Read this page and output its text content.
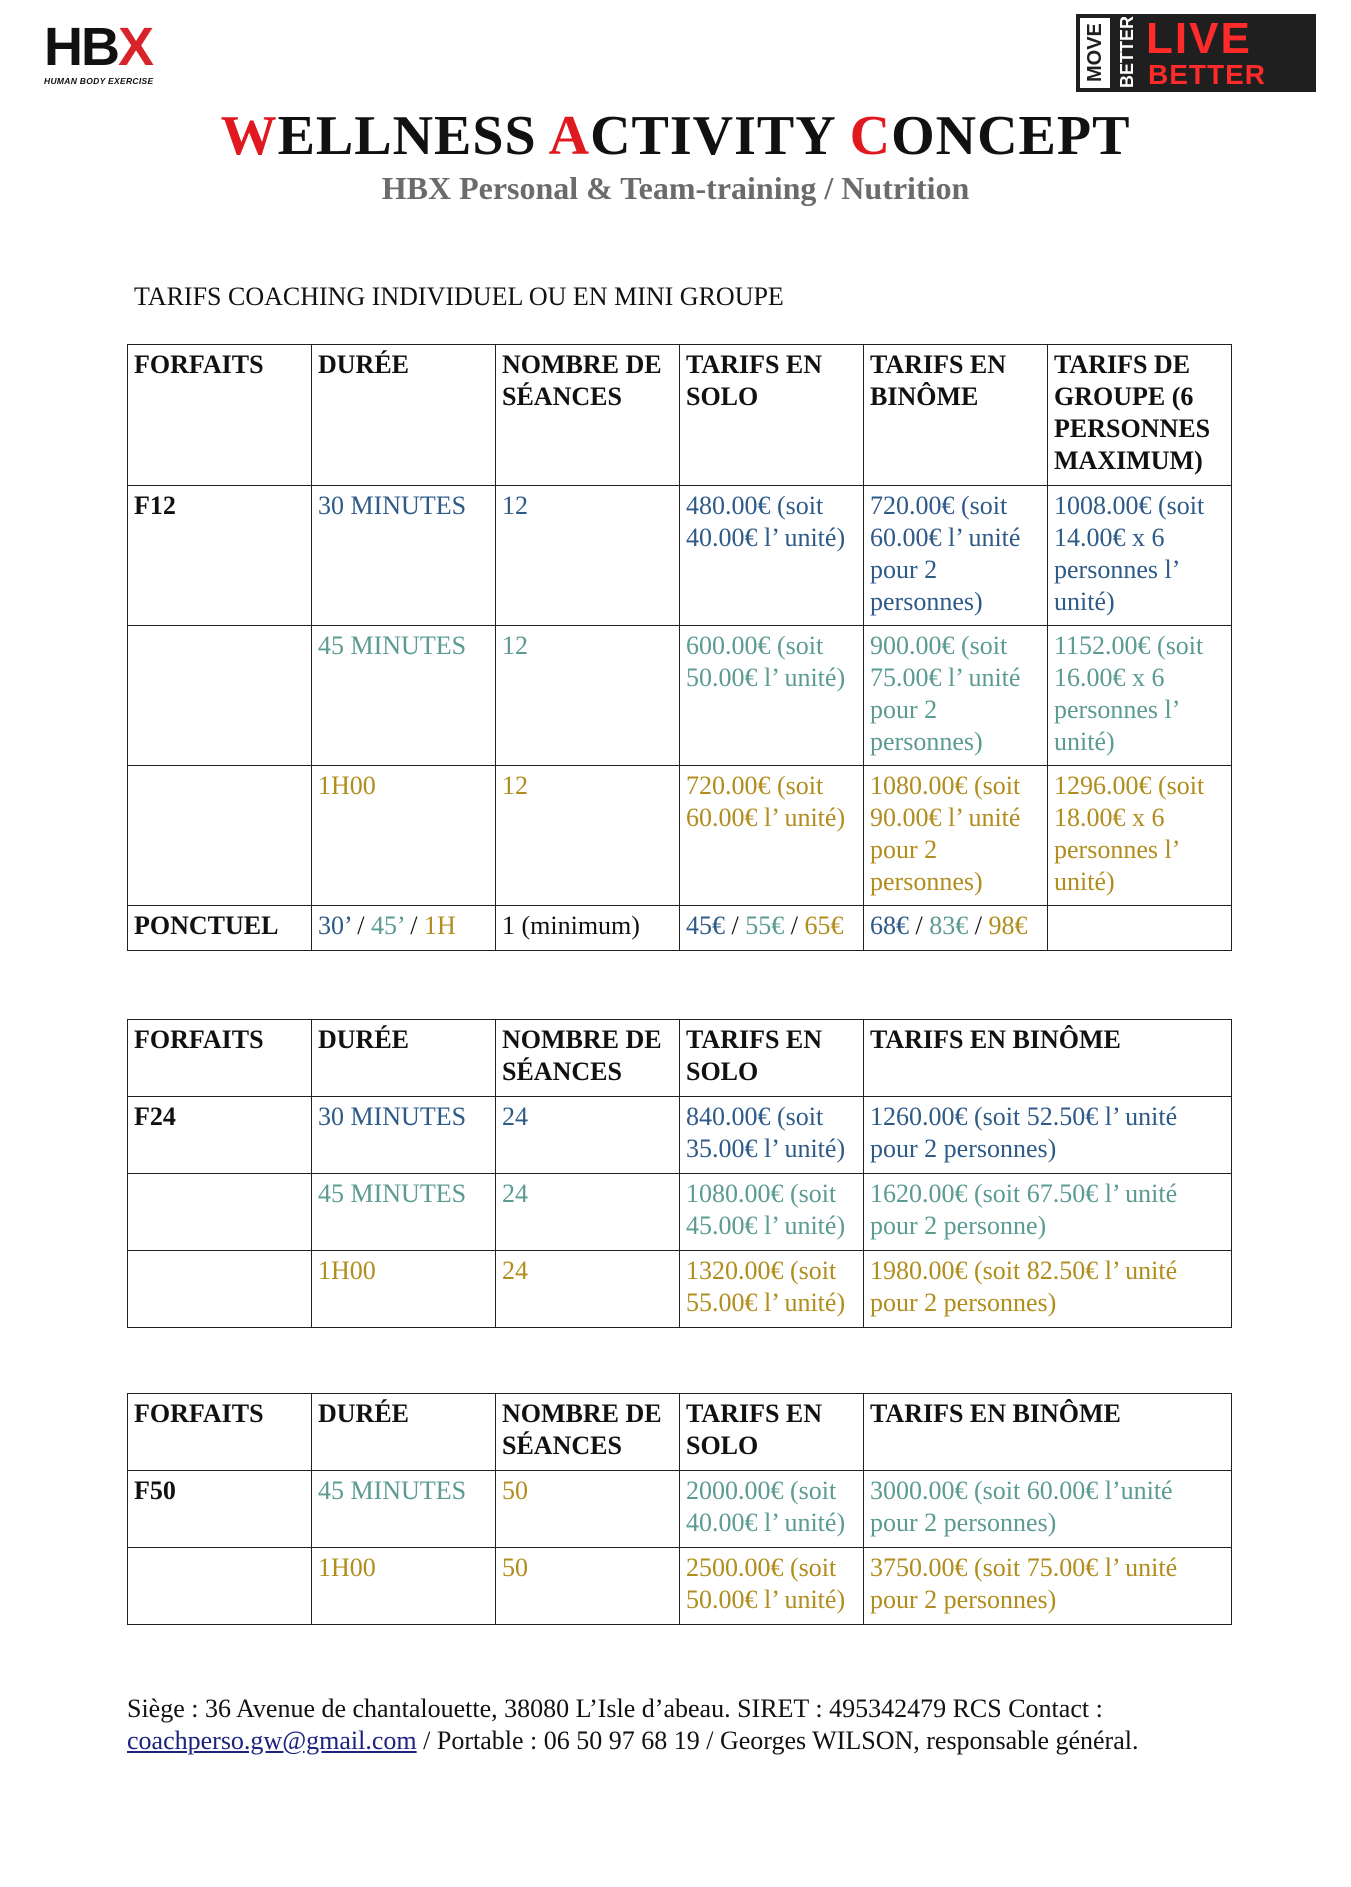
HBX
HUMAN BODY EXERCISE	MOVE BETTER LIVE
BETTER
WELLNESS ACTIVITY CONCEPT
HBX Personal & Team-training / Nutrition
TARIFS COACHING INDIVIDUEL OU EN MINI GROUPE
FORFAITS	DURÉE	NOMBRE DE SÉANCES	TARIFS EN SOLO	TARIFS EN BINÔME	TARIFS DE GROUPE (6 PERSONNES MAXIMUM)
F12	30 MINUTES	12	480.00€ (soit 40.00€ l’ unité)	720.00€ (soit 60.00€ l’ unité pour 2 personnes)	1008.00€ (soit 14.00€ x 6 personnes l’ unité)
	45 MINUTES	12	600.00€ (soit 50.00€ l’ unité)	900.00€ (soit 75.00€ l’ unité pour 2 personnes)	1152.00€ (soit 16.00€ x 6 personnes l’ unité)
	1H00	12	720.00€ (soit 60.00€ l’ unité)	1080.00€ (soit 90.00€ l’ unité pour 2 personnes)	1296.00€ (soit 18.00€ x 6 personnes l’ unité)
PONCTUEL	30’ / 45’ / 1H	1 (minimum)	45€ / 55€ / 65€	68€ / 83€ / 98€	
FORFAITS	DURÉE	NOMBRE DE SÉANCES	TARIFS EN SOLO	TARIFS EN BINÔME
F24	30 MINUTES	24	840.00€ (soit 35.00€ l’ unité)	1260.00€ (soit 52.50€ l’ unité pour 2 personnes)
	45 MINUTES	24	1080.00€ (soit 45.00€ l’ unité)	1620.00€ (soit 67.50€ l’ unité pour 2 personne)
	1H00	24	1320.00€ (soit 55.00€ l’ unité)	1980.00€ (soit 82.50€ l’ unité pour 2 personnes)
FORFAITS	DURÉE	NOMBRE DE SÉANCES	TARIFS EN SOLO	TARIFS EN BINÔME
F50	45 MINUTES	50	2000.00€ (soit 40.00€ l’ unité)	3000.00€ (soit 60.00€ l’unité pour 2 personnes)
	1H00	50	2500.00€ (soit 50.00€ l’ unité)	3750.00€ (soit 75.00€ l’ unité pour 2 personnes)
Siège : 36 Avenue de chantalouette, 38080 L’Isle d’abeau. SIRET : 495342479 RCS Contact :
coachperso.gw@gmail.com / Portable : 06 50 97 68 19 / Georges WILSON, responsable général.
